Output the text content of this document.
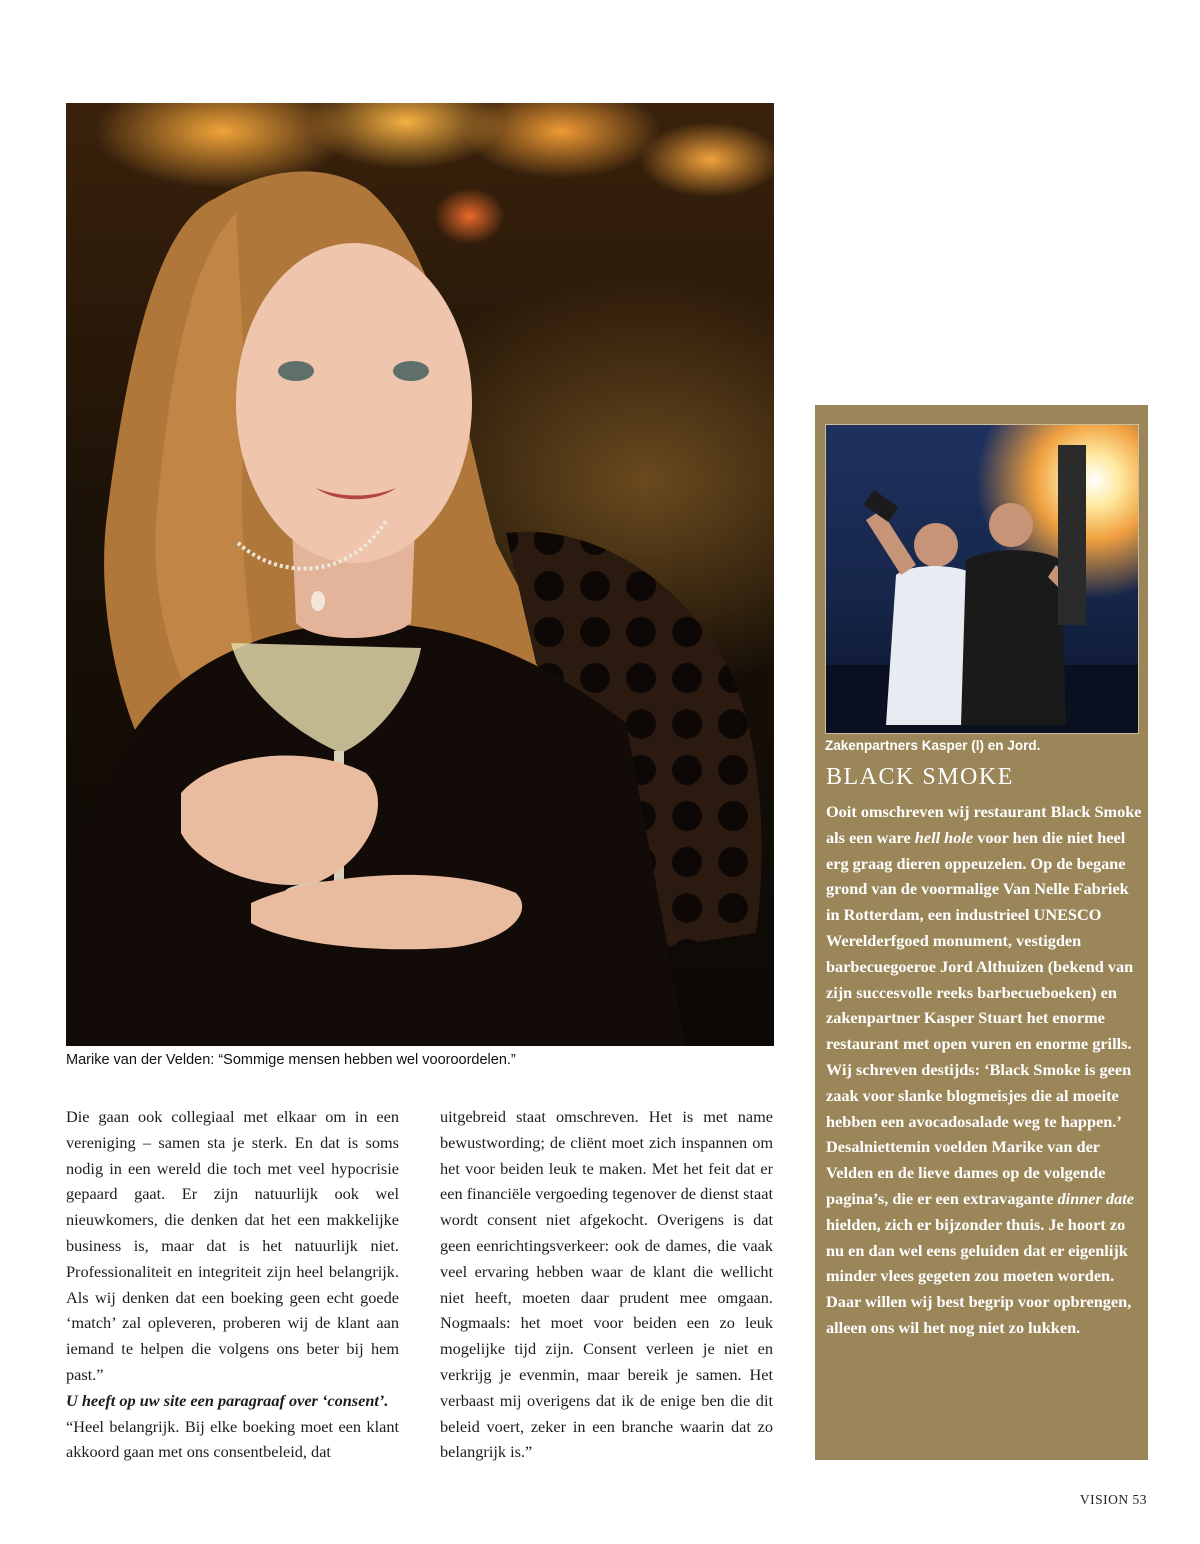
Marike van der Velden: “Sommige mensen hebben wel vooroordelen.”

Die gaan ook collegiaal met elkaar om in een vereniging – samen sta je sterk. En dat is soms nodig in een wereld die toch met veel hypocrisie gepaard gaat. Er zijn natuurlijk ook wel nieuwkomers, die denken dat het een makkelijke business is, maar dat is het natuurlijk niet. Professionaliteit en integriteit zijn heel belangrijk. Als wij denken dat een boeking geen echt goede ‘match’ zal opleveren, proberen wij de klant aan iemand te helpen die volgens ons beter bij hem past.”

U heeft op uw site een paragraaf over ‘consent’.

“Heel belangrijk. Bij elke boeking moet een klant akkoord gaan met ons consentbeleid, dat

uitgebreid staat omschreven. Het is met name bewustwording; de cliënt moet zich inspannen om het voor beiden leuk te maken. Met het feit dat er een financiële vergoeding tegenover de dienst staat wordt consent niet afgekocht. Overigens is dat geen eenrichtingsverkeer: ook de dames, die vaak veel ervaring hebben waar de klant die wellicht niet heeft, moeten daar prudent mee omgaan. Nogmaals: het moet voor beiden een zo leuk mogelijke tijd zijn. Consent verleen je niet en verkrijg je evenmin, maar bereik je samen. Het verbaast mij overigens dat ik de enige ben die dit beleid voert, zeker in een branche waarin dat zo belangrijk is.”

Zakenpartners Kasper (l) en Jord.
BLACK SMOKE

Ooit omschreven wij restaurant Black Smoke als een ware hell hole voor hen die niet heel erg graag dieren oppeuzelen. Op de begane grond van de voormalige Van Nelle Fabriek in Rotterdam, een industrieel UNESCO Werelderfgoed monument, vestigden barbecuegoeroe Jord Althuizen (bekend van zijn succesvolle reeks barbecueboeken) en zakenpartner Kasper Stuart het enorme restaurant met open vuren en enorme grills. Wij schreven destijds: ‘Black Smoke is geen zaak voor slanke blogmeisjes die al moeite hebben een avocadosalade weg te happen.’ Desalniettemin voelden Marike van der Velden en de lieve dames op de volgende pagina’s, die er een extravagante dinner date hielden, zich er bijzonder thuis. Je hoort zo nu en dan wel eens geluiden dat er eigenlijk minder vlees gegeten zou moeten worden. Daar willen wij best begrip voor opbrengen, alleen ons wil het nog niet zo lukken.

VISION 53
